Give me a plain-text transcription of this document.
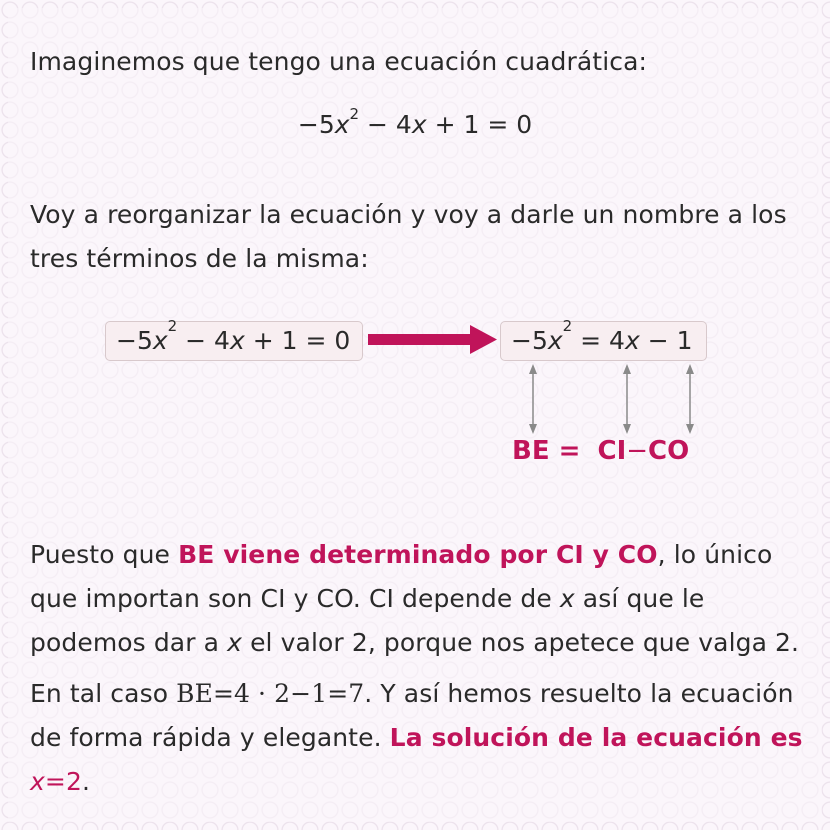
Imaginemos que tengo una ecuación cuadrática:

$-5x^2 - 4x + 1 = 0$

Voy a reorganizar la ecuación y voy a darle un nombre a los tres términos de la misma:

$-5x^2 - 4x + 1 = 0$	$-5x^2 = 4x - 1$
BE = CI−CO

Puesto que BE viene determinado por CI y CO, lo único que importan son CI y CO. CI depende de x así que le podemos dar a x el valor 2, porque nos apetece que valga 2.

En tal caso BE=4 · 2−1=7. Y así hemos resuelto la ecuación de forma rápida y elegante. La solución de la ecuación es x=2.
